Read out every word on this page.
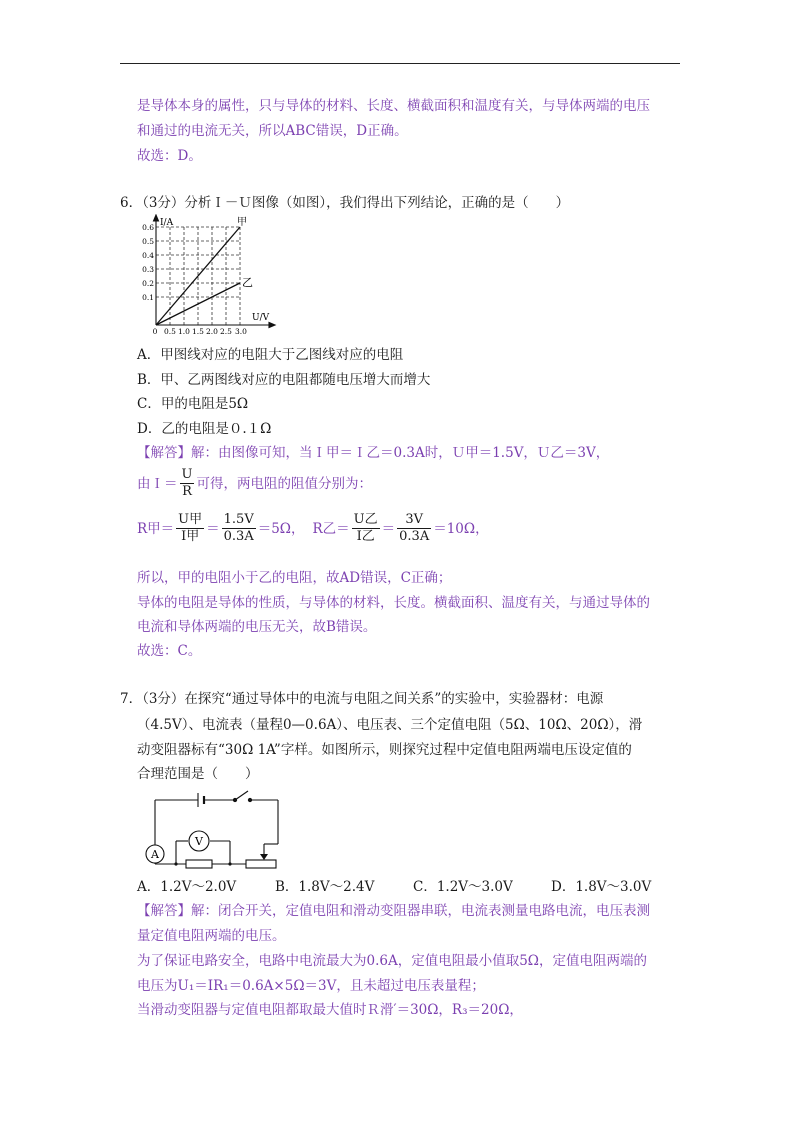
是导体本身的属性，只与导体的材料、长度、横截面积和温度有关，与导体两端的电压
和通过的电流无关，所以ABC错误，D正确。
故选：D。
6．（3分）分析Ｉ－Ｕ图像（如图），我们得出下列结论，正确的是（　　）
I/A
U/V
甲
乙
0.6
0.5
0.4
0.3
0.2
0.1
0 0.5 1.0 1.5 2.0 2.5 3.0
A．甲图线对应的电阻大于乙图线对应的电阻
B．甲、乙两图线对应的电阻都随电压增大而增大
C．甲的电阻是5Ω
D．乙的电阻是０.１Ω
【解答】解：由图像可知，当Ｉ甲＝Ｉ乙＝0.3A时，Ｕ甲＝1.5V，Ｕ乙＝3V，
由Ｉ＝ $\frac{U}{R}$ 可得，两电阻的阻值分别为：
R甲＝ $\frac{\text{U甲}}{\text{I甲}} = \frac{1.5V}{0.3A} =5\Omega$， R乙＝ $\frac{\text{U乙}}{\text{I乙}} = \frac{3V}{0.3A} =10\Omega$，
所以，甲的电阻小于乙的电阻，故AD错误，C正确；
导体的电阻是导体的性质，与导体的材料，长度。横截面积、温度有关，与通过导体的
电流和导体两端的电压无关，故B错误。
故选：C。
7．（3分）在探究“通过导体中的电流与电阻之间关系”的实验中，实验器材：电源
（4.5V）、电流表（量程0—0.6A）、电压表、三个定值电阻（5Ω、10Ω、20Ω），滑
动变阻器标有“30Ω 1A”字样。如图所示，则探究过程中定值电阻两端电压设定值的
合理范围是（　　）
A
V
A．1.2V～2.0V	B．1.8V～2.4V	C．1.2V～3.0V	D．1.8V～3.0V
【解答】解：闭合开关，定值电阻和滑动变阻器串联，电流表测量电路电流，电压表测
量定值电阻两端的电压。
为了保证电路安全，电路中电流最大为0.6A，定值电阻最小值取5Ω，定值电阻两端的
电压为U₁＝IR₁＝0.6A×5Ω＝3V，且未超过电压表量程；
当滑动变阻器与定值电阻都取最大值时Ｒ滑′＝30Ω，R₃＝20Ω，
